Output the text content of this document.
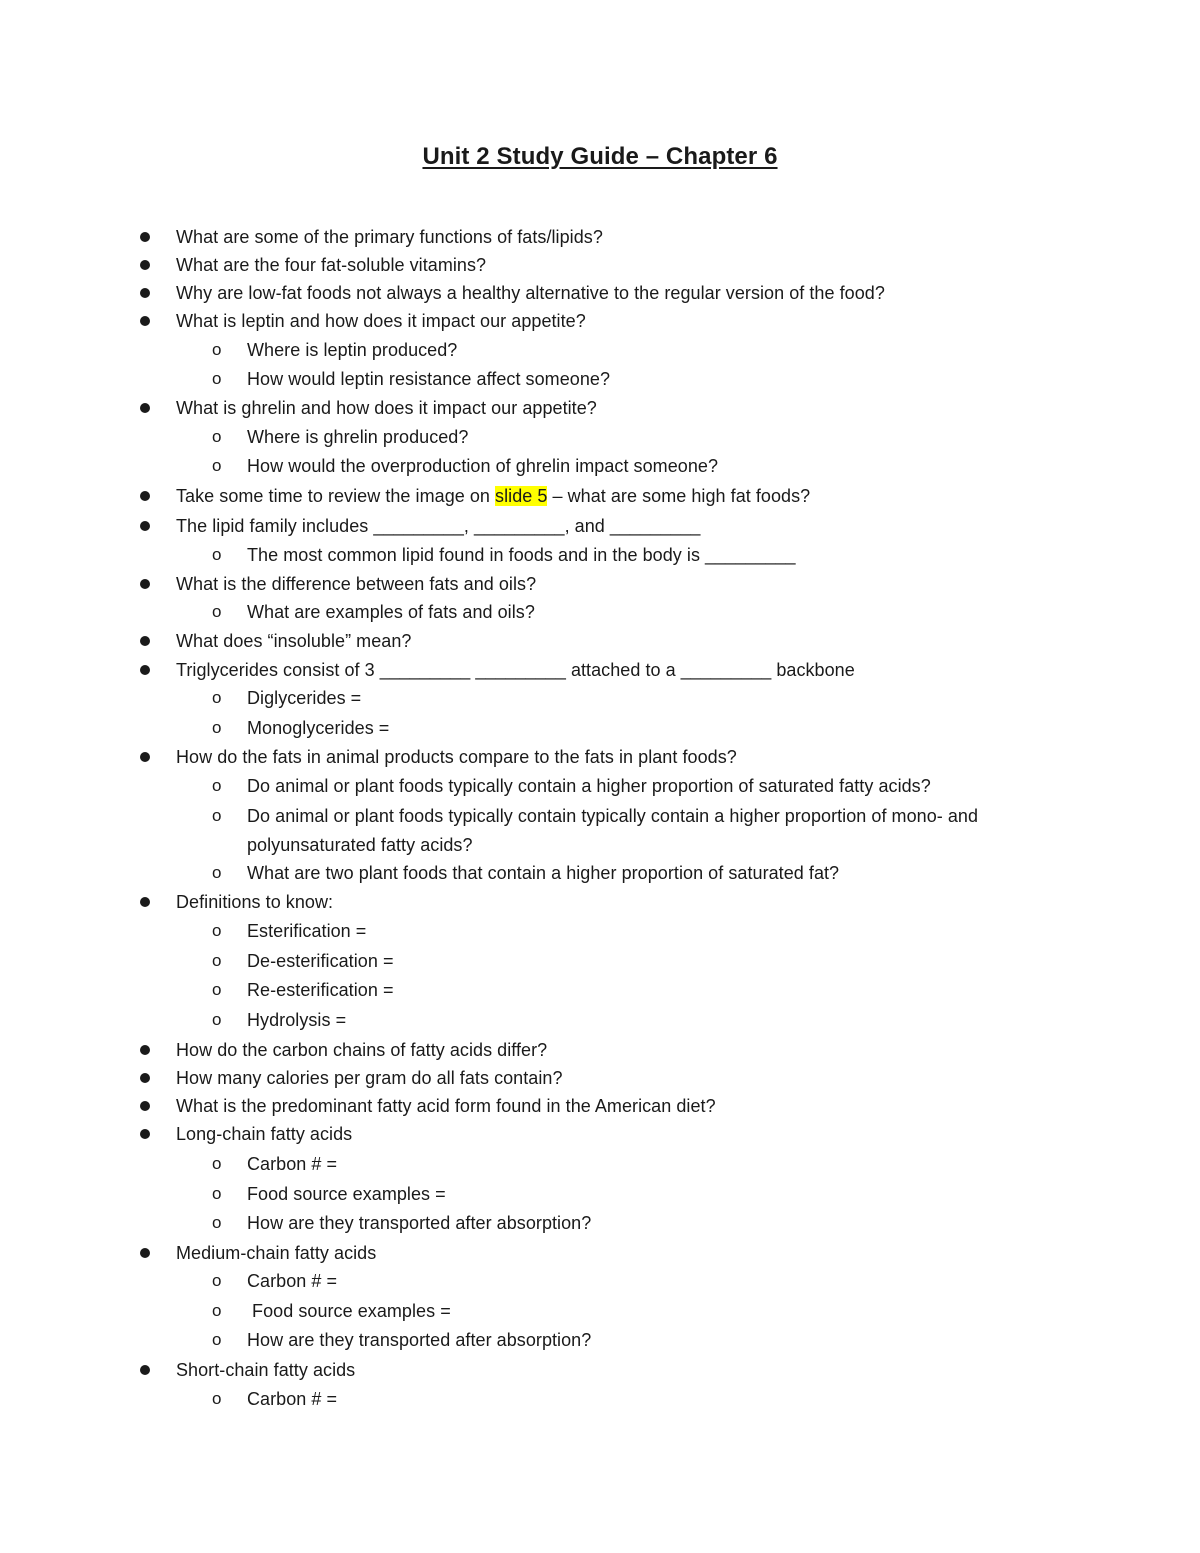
Unit 2 Study Guide – Chapter 6
What are some of the primary functions of fats/lipids?
What are the four fat-soluble vitamins?
Why are low-fat foods not always a healthy alternative to the regular version of the food?
What is leptin and how does it impact our appetite?
o Where is leptin produced?
o How would leptin resistance affect someone?
What is ghrelin and how does it impact our appetite?
o Where is ghrelin produced?
o How would the overproduction of ghrelin impact someone?
Take some time to review the image on slide 5 – what are some high fat foods?
The lipid family includes _________, _________, and _________
o The most common lipid found in foods and in the body is _________
What is the difference between fats and oils?
o What are examples of fats and oils?
What does “insoluble” mean?
Triglycerides consist of 3 _________ _________ attached to a _________ backbone
o Diglycerides =
o Monoglycerides =
How do the fats in animal products compare to the fats in plant foods?
o Do animal or plant foods typically contain a higher proportion of saturated fatty acids?
o Do animal or plant foods typically contain typically contain a higher proportion of mono- and
polyunsaturated fatty acids?
o What are two plant foods that contain a higher proportion of saturated fat?
Definitions to know:
o Esterification =
o De-esterification =
o Re-esterification =
o Hydrolysis =
How do the carbon chains of fatty acids differ?
How many calories per gram do all fats contain?
What is the predominant fatty acid form found in the American diet?
Long-chain fatty acids
o Carbon # =
o Food source examples =
o How are they transported after absorption?
Medium-chain fatty acids
o Carbon # =
o Food source examples =
o How are they transported after absorption?
Short-chain fatty acids
o Carbon # =
